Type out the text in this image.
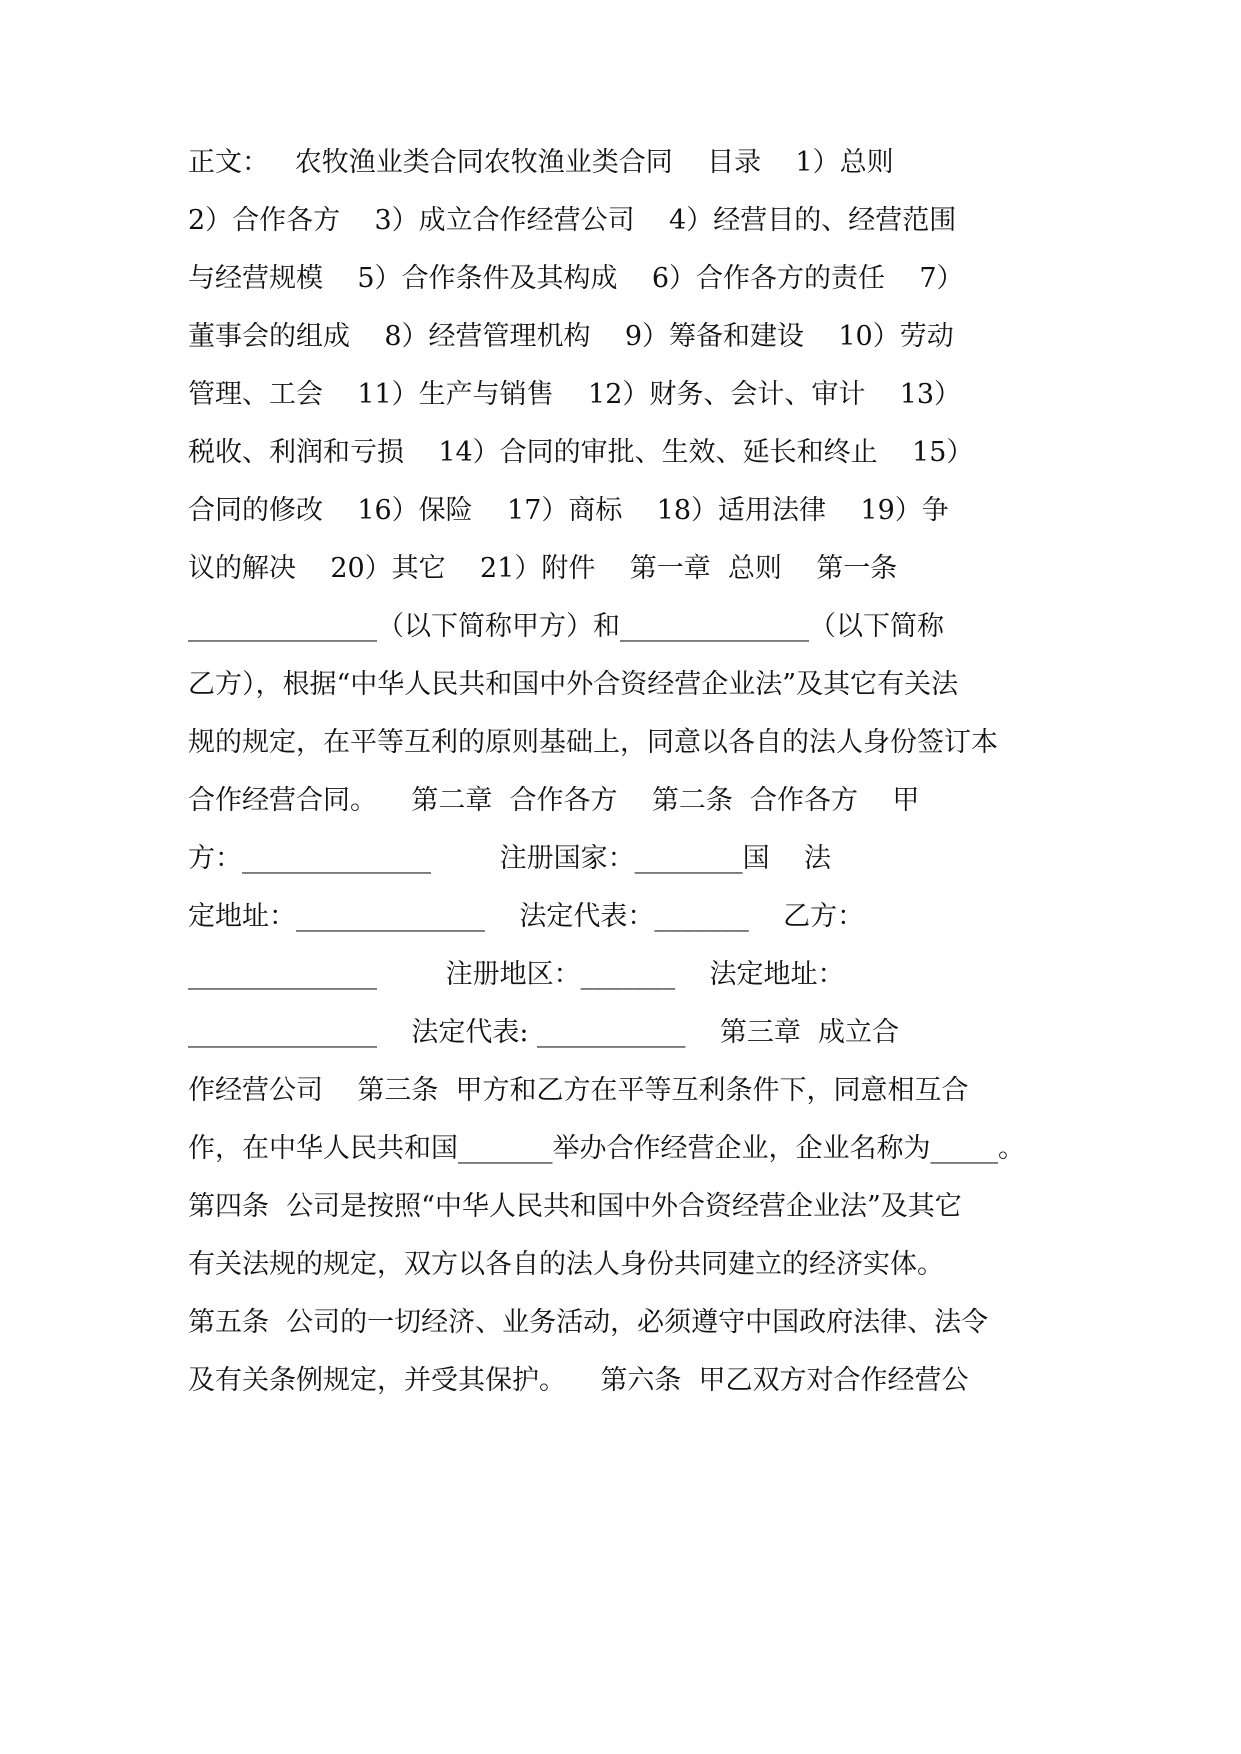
正文：   农牧渔业类合同农牧渔业类合同    目录    1）总则
2）合作各方    3）成立合作经营公司    4）经营目的、经营范围
与经营规模    5）合作条件及其构成    6）合作各方的责任    7）
董事会的组成    8）经营管理机构    9）筹备和建设    10）劳动
管理、工会    11）生产与销售    12）财务、会计、审计    13）
税收、利润和亏损    14）合同的审批、生效、延长和终止    15）
合同的修改    16）保险    17）商标    18）适用法律    19）争
议的解决    20）其它    21）附件    第一章  总则    第一条
______________（以下简称甲方）和______________（以下简称
乙方），根据“中华人民共和国中外合资经营企业法”及其它有关法
规的规定，在平等互利的原则基础上，同意以各自的法人身份签订本
合作经营合同。    第二章  合作各方    第二条  合作各方    甲
方：______________        注册国家：________国    法
定地址：______________    法定代表：_______    乙方：
______________        注册地区：_______    法定地址：
______________    法定代表: ___________    第三章  成立合
作经营公司    第三条  甲方和乙方在平等互利条件下，同意相互合
作，在中华人民共和国_______举办合作经营企业，企业名称为_____。
第四条  公司是按照“中华人民共和国中外合资经营企业法”及其它
有关法规的规定，双方以各自的法人身份共同建立的经济实体。
第五条  公司的一切经济、业务活动，必须遵守中国政府法律、法令
及有关条例规定，并受其保护。    第六条  甲乙双方对合作经营公
